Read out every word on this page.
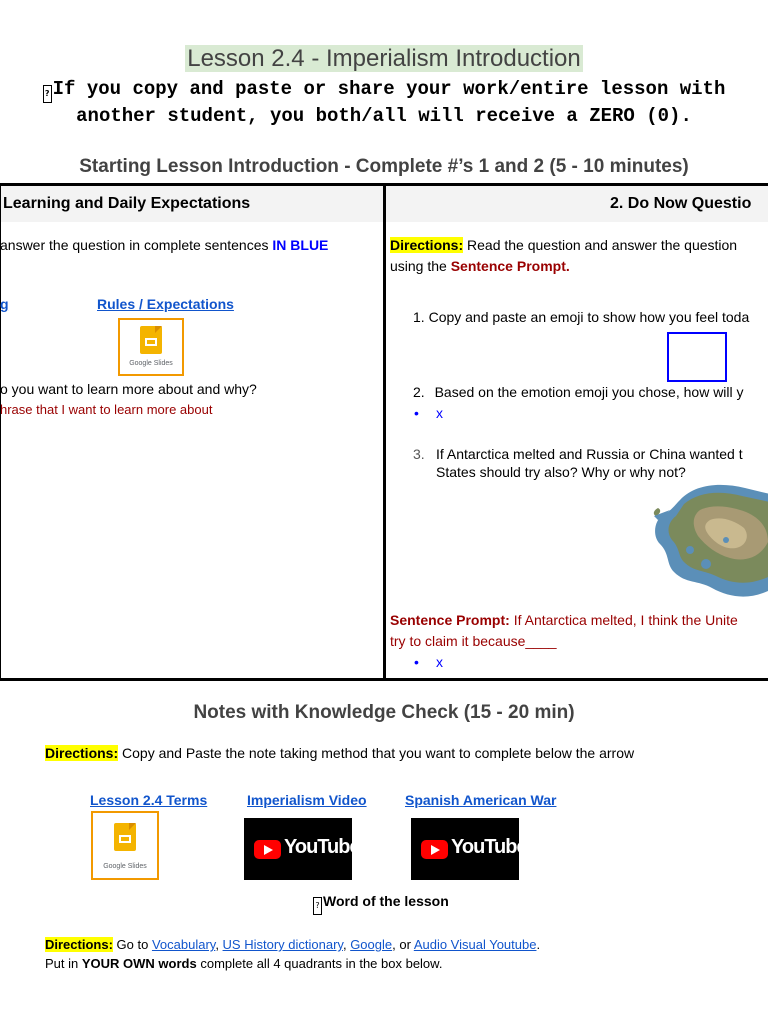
Lesson 2.4 - Imperialism Introduction
? If you copy and paste or share your work/entire lesson with
another student, you both/all will receive a ZERO (0).
Starting Lesson Introduction - Complete #’s 1 and 2 (5 - 10 minutes)
Learning and Daily Expectations
answer the question in complete sentences IN BLUE
g	Rules / Expectations
Google Slides
o you want to learn more about and why?
hrase that I want to learn more about
2. Do Now Questio
Directions: Read the question and answer the question
using the Sentence Prompt.
1. Copy and paste an emoji to show how you feel toda
2. Based on the emotion emoji you chose, how will y
• x
3. If Antarctica melted and Russia or China wanted t
States should try also? Why or why not?
Sentence Prompt: If Antarctica melted, I think the Unite
try to claim it because____
• x
Notes with Knowledge Check (15 - 20 min)
Directions: Copy and Paste the note taking method that you want to complete below the arrow
Lesson 2.4 Terms	Imperialism Video	Spanish American War
Google Slides
YouTube	YouTube
? Word of the lesson
Directions: Go to Vocabulary, US History dictionary, Google, or Audio Visual Youtube.
Put in YOUR OWN words complete all 4 quadrants in the box below.
